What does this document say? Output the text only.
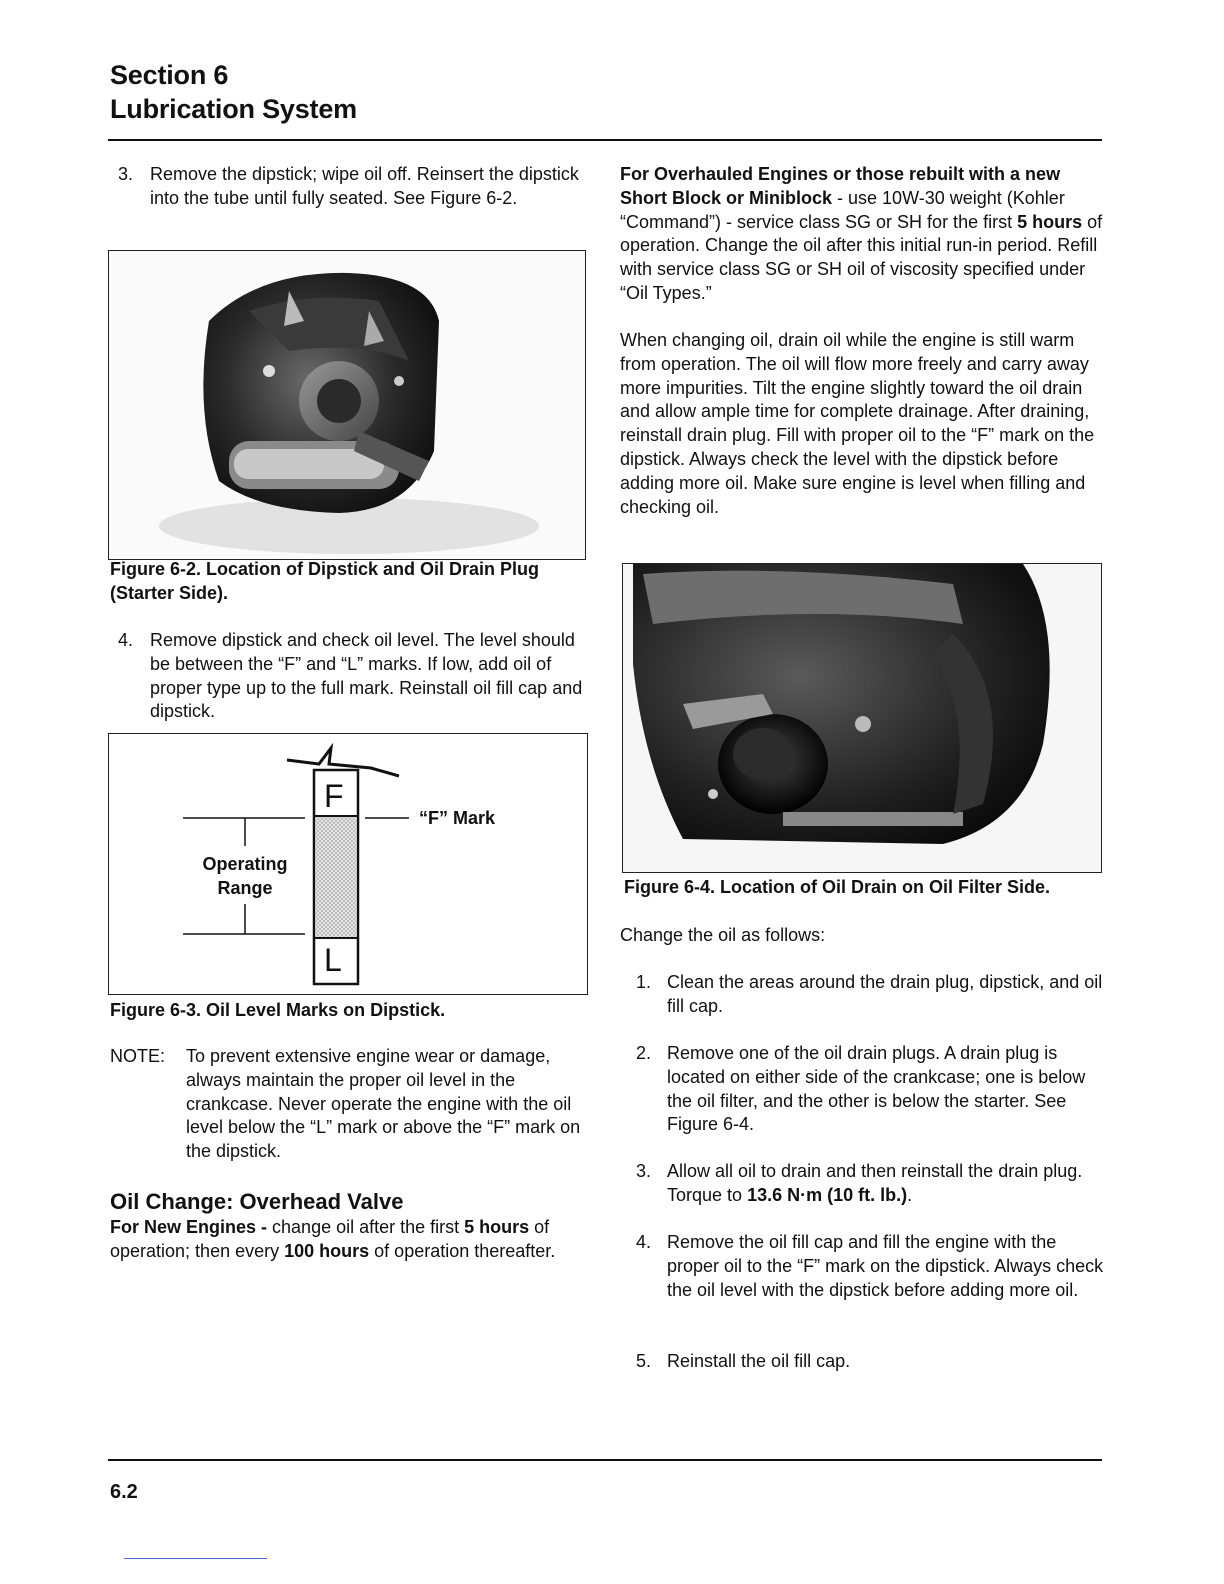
Section 6
Lubrication System
3. Remove the dipstick; wipe oil off. Reinsert the dipstick into the tube until fully seated. See Figure 6-2.
Figure 6-2. Location of Dipstick and Oil Drain Plug (Starter Side).
4. Remove dipstick and check oil level. The level should be between the “F” and “L” marks. If low, add oil of proper type up to the full mark. Reinstall oil fill cap and dipstick.
F
L
“F” Mark
Operating
Range
Figure 6-3. Oil Level Marks on Dipstick.
NOTE: To prevent extensive engine wear or damage, always maintain the proper oil level in the crankcase. Never operate the engine with the oil level below the “L” mark or above the “F” mark on the dipstick.
Oil Change: Overhead Valve
For New Engines - change oil after the first 5 hours of operation; then every 100 hours of operation thereafter.
For Overhauled Engines or those rebuilt with a new Short Block or Miniblock - use 10W-30 weight (Kohler “Command”) - service class SG or SH for the first 5 hours of operation. Change the oil after this initial run-in period. Refill with service class SG or SH oil of viscosity specified under “Oil Types.”
When changing oil, drain oil while the engine is still warm from operation. The oil will flow more freely and carry away more impurities. Tilt the engine slightly toward the oil drain and allow ample time for complete drainage. After draining, reinstall drain plug. Fill with proper oil to the “F” mark on the dipstick. Always check the level with the dipstick before adding more oil. Make sure engine is level when filling and checking oil.
Figure 6-4. Location of Oil Drain on Oil Filter Side.
Change the oil as follows:
1. Clean the areas around the drain plug, dipstick, and oil fill cap.
2. Remove one of the oil drain plugs. A drain plug is located on either side of the crankcase; one is below the oil filter, and the other is below the starter. See Figure 6-4.
3. Allow all oil to drain and then reinstall the drain plug. Torque to 13.6 N·m (10 ft. lb.).
4. Remove the oil fill cap and fill the engine with the proper oil to the “F” mark on the dipstick. Always check the oil level with the dipstick before adding more oil.
5. Reinstall the oil fill cap.
6.2
